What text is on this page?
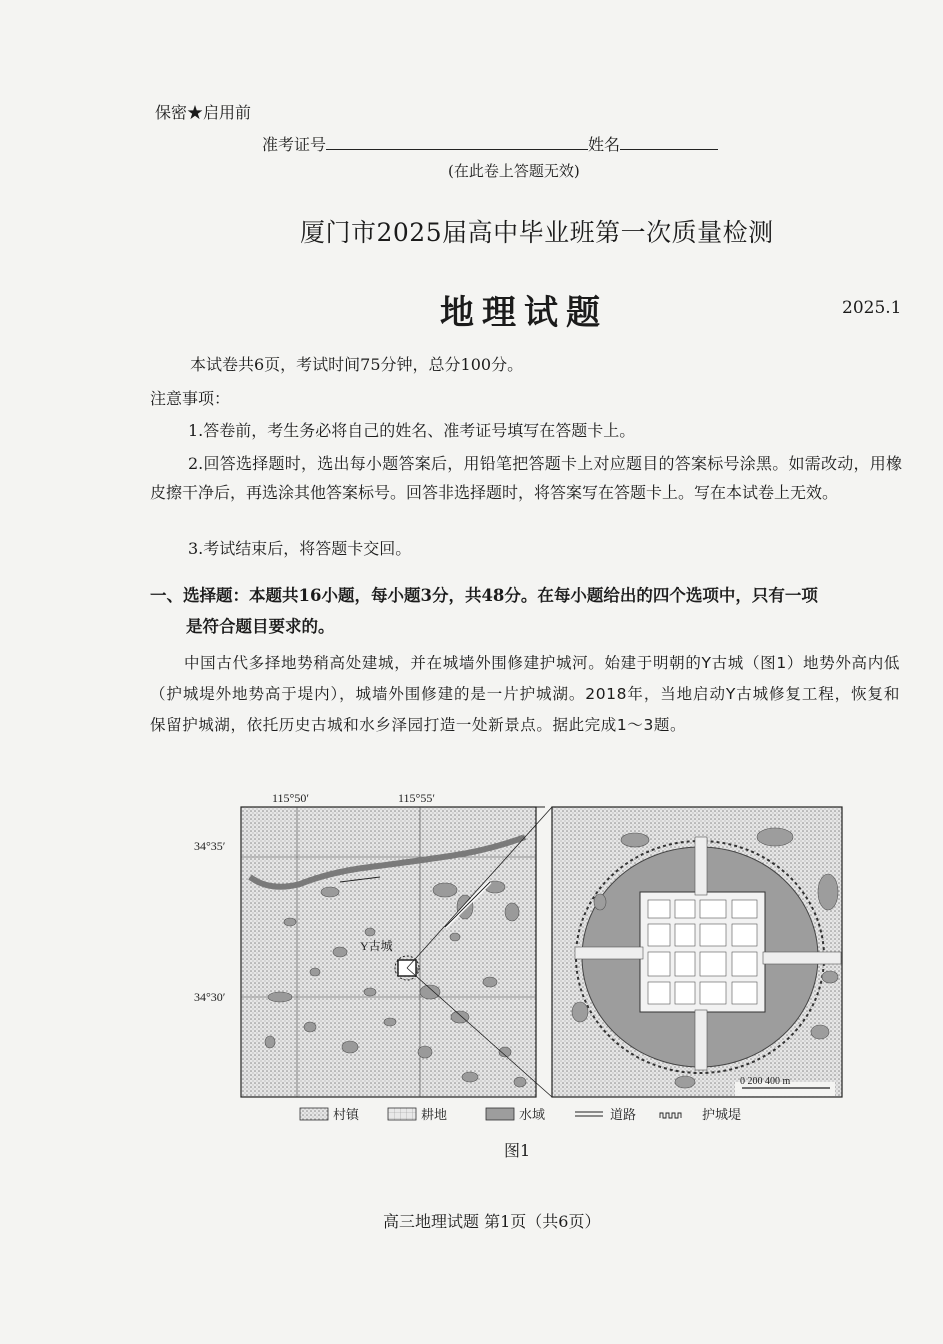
保密★启用前
准考证号	姓名
(在此卷上答题无效)
厦门市2025届高中毕业班第一次质量检测
地理试题	2025.1
本试卷共6页，考试时间75分钟，总分100分。
注意事项：
1.答卷前，考生务必将自己的姓名、准考证号填写在答题卡上。
2.回答选择题时，选出每小题答案后，用铅笔把答题卡上对应题目的答案标号涂黑。如需改动，用橡皮擦干净后，再选涂其他答案标号。回答非选择题时，将答案写在答题卡上。写在本试卷上无效。
3.考试结束后，将答题卡交回。
一、选择题：本题共16小题，每小题3分，共48分。在每小题给出的四个选项中，只有一项
是符合题目要求的。
中国古代多择地势稍高处建城，并在城墙外围修建护城河。始建于明朝的Y古城（图1）地势外高内低（护城堤外地势高于堤内），城墙外围修建的是一片护城湖。2018年，当地启动Y古城修复工程，恢复和保留护城湖，依托历史古城和水乡泽园打造一处新景点。据此完成1～3题。
Y古城
0 200 400 m
115°50′	115°55′
34°35′
34°30′
村镇	耕地	水域	道路	护城堤
图1
高三地理试题 第1页（共6页）
